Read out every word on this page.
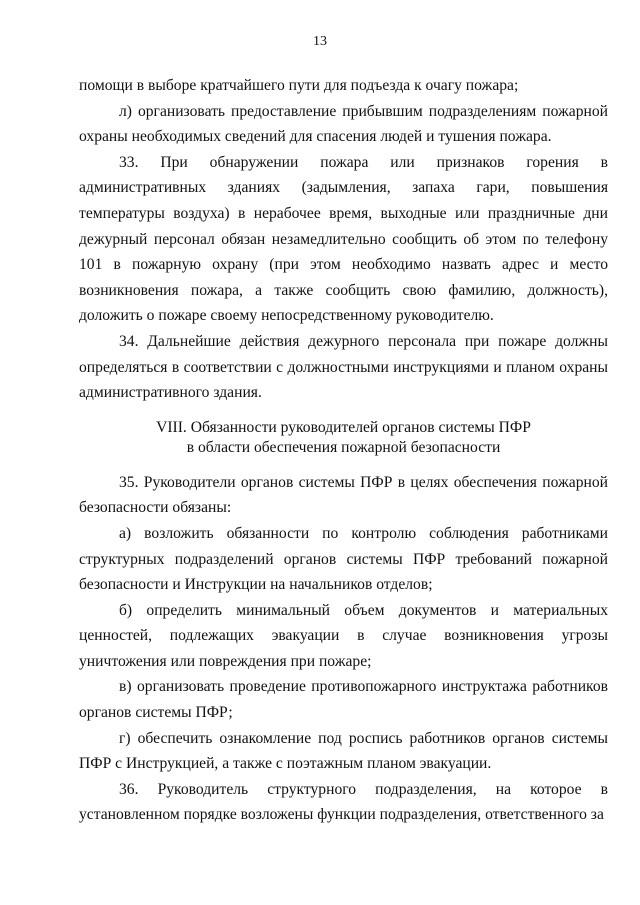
13

помощи в выборе кратчайшего пути для подъезда к очагу пожара;

л) организовать предоставление прибывшим подразделениям пожарной охраны необходимых сведений для спасения людей и тушения пожара.

33. При обнаружении пожара или признаков горения в административных зданиях (задымления, запаха гари, повышения температуры воздуха) в нерабочее время, выходные или праздничные дни дежурный персонал обязан незамедлительно сообщить об этом по телефону 101 в пожарную охрану (при этом необходимо назвать адрес и место возникновения пожара, а также сообщить свою фамилию, должность), доложить о пожаре своему непосредственному руководителю.

34. Дальнейшие действия дежурного персонала при пожаре должны определяться в соответствии с должностными инструкциями и планом охраны административного здания.

VIII. Обязанности руководителей органов системы ПФР
в области обеспечения пожарной безопасности

35. Руководители органов системы ПФР в целях обеспечения пожарной безопасности обязаны:

а) возложить обязанности по контролю соблюдения работниками структурных подразделений органов системы ПФР требований пожарной безопасности и Инструкции на начальников отделов;

б) определить минимальный объем документов и материальных ценностей, подлежащих эвакуации в случае возникновения угрозы уничтожения или повреждения при пожаре;

в) организовать проведение противопожарного инструктажа работников органов системы ПФР;

г) обеспечить ознакомление под роспись работников органов системы ПФР с Инструкцией, а также с поэтажным планом эвакуации.

36. Руководитель структурного подразделения, на которое в установленном порядке возложены функции подразделения, ответственного за
